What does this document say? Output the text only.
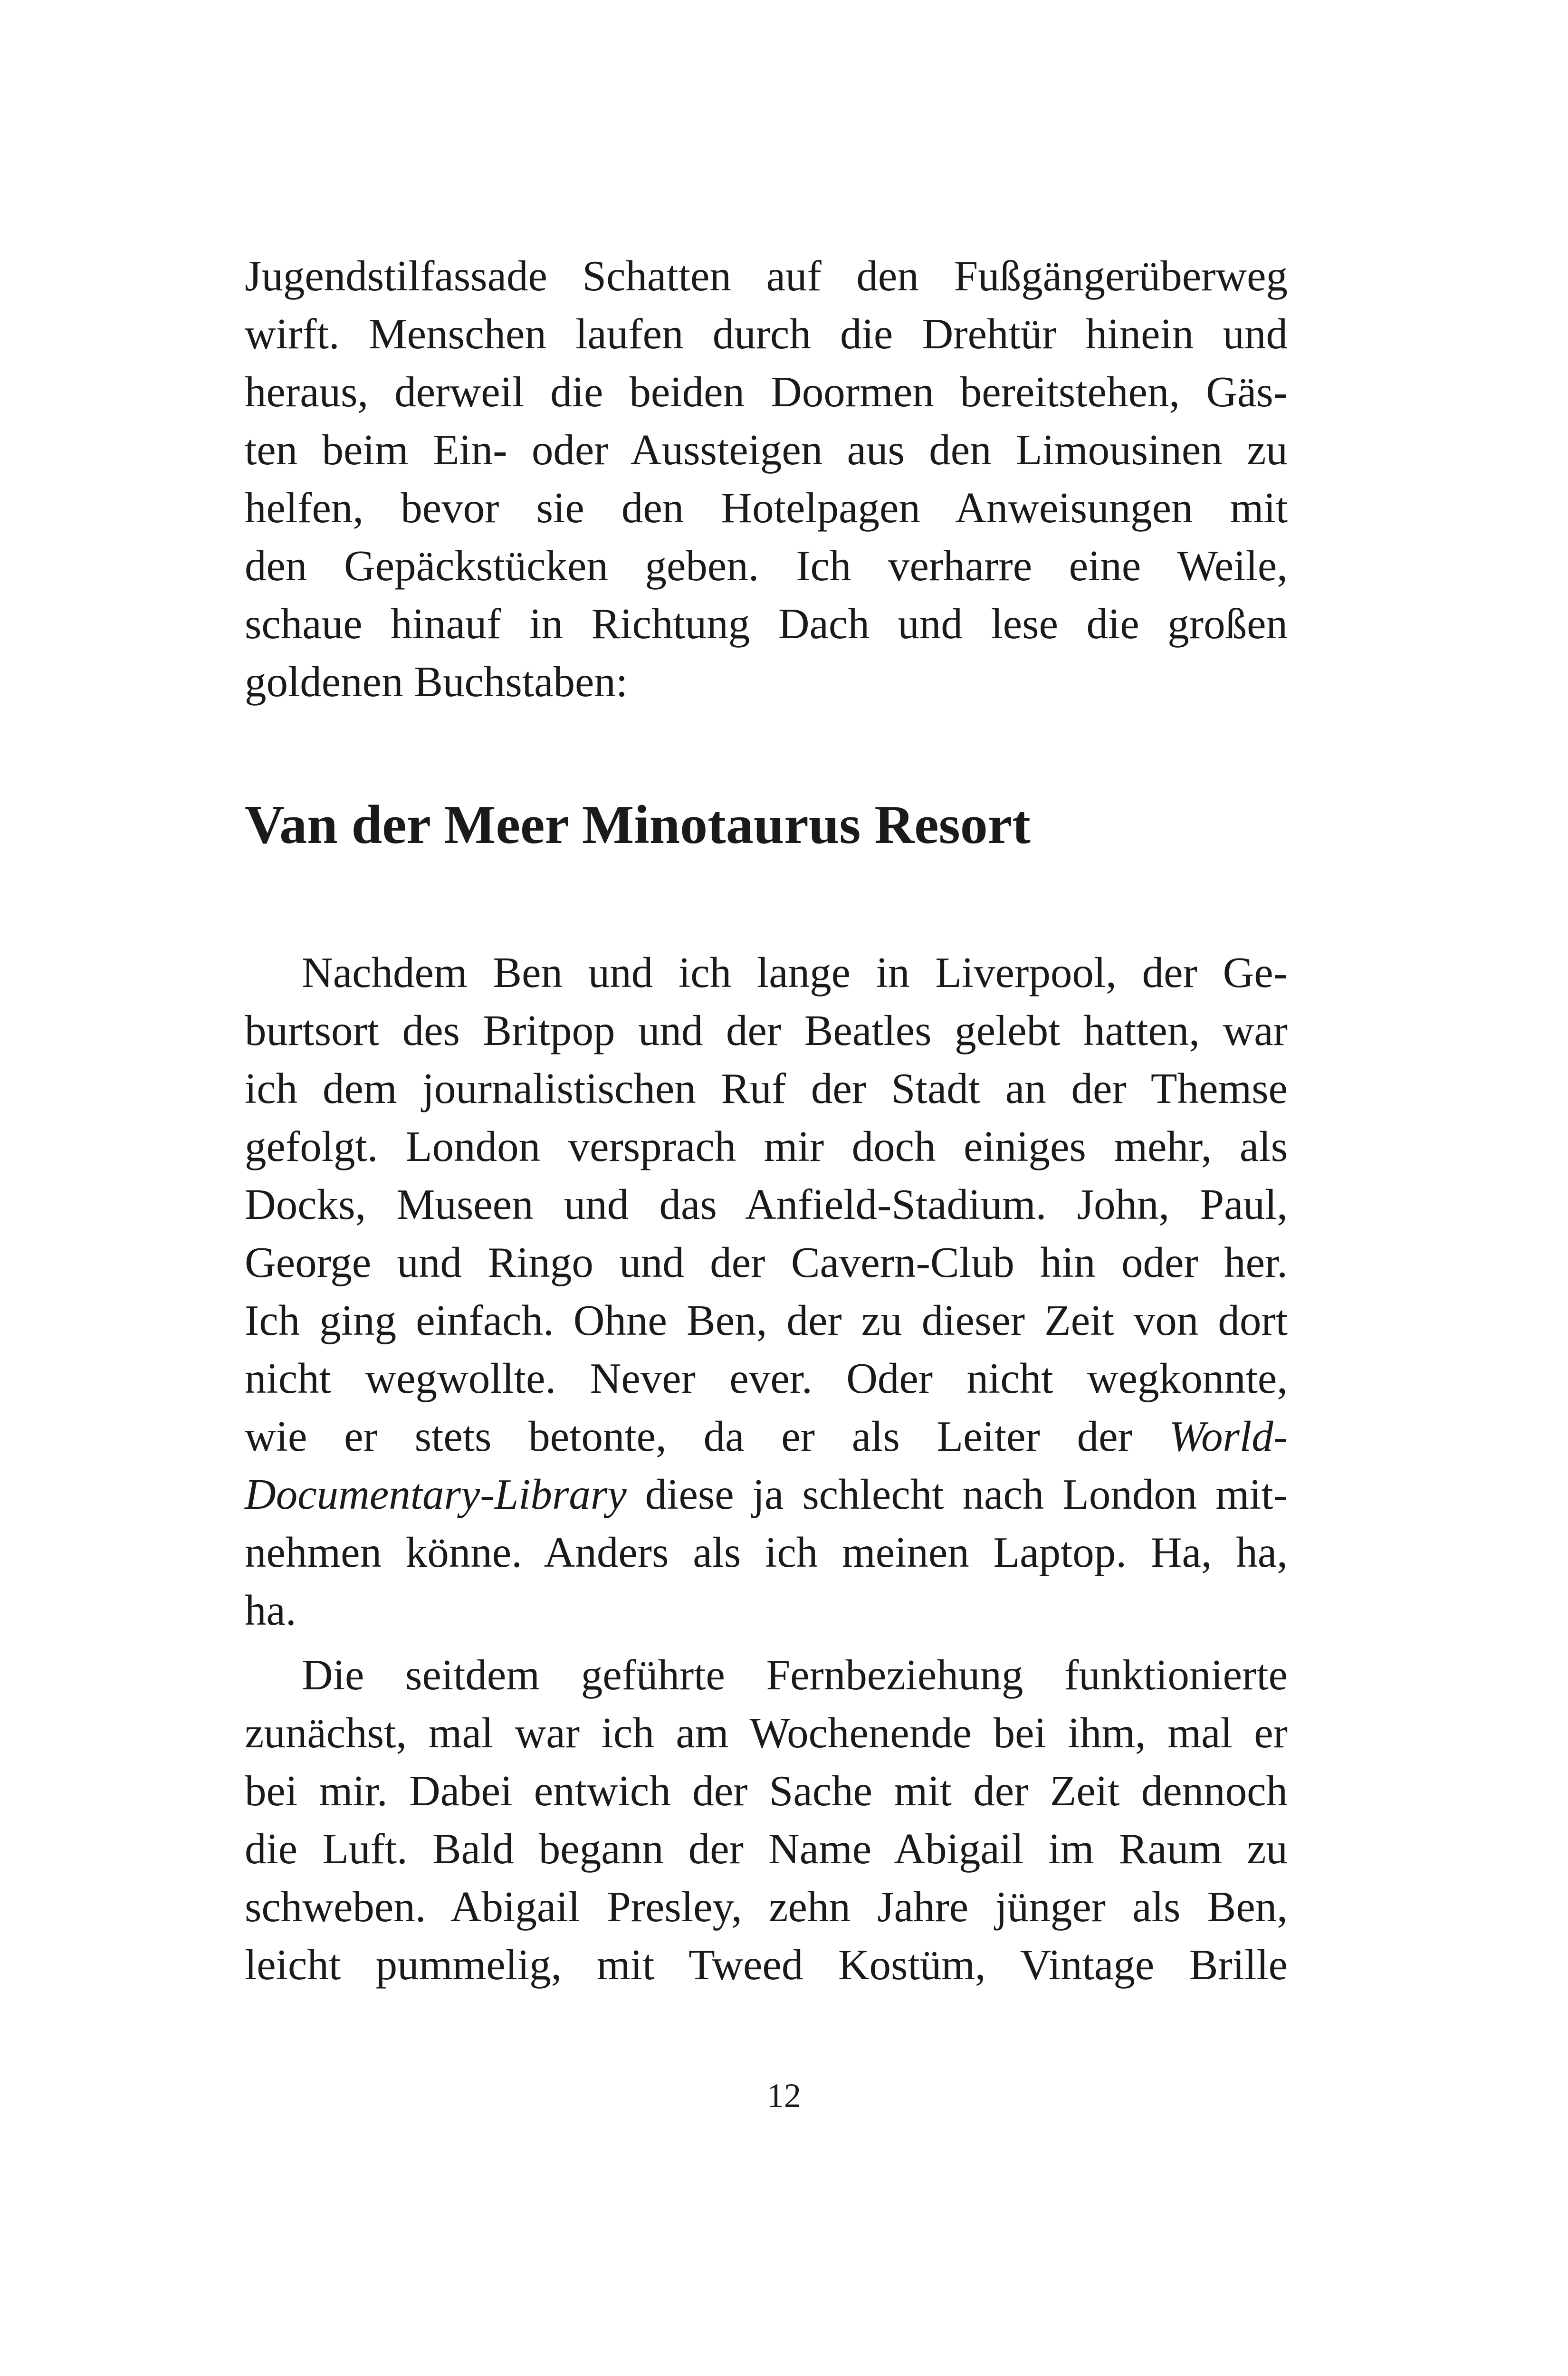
Jugendstilfassade Schatten auf den Fußgängerüberweg
wirft. Menschen laufen durch die Drehtür hinein und
heraus, derweil die beiden Doormen bereitstehen, Gäs-
ten beim Ein- oder Aussteigen aus den Limousinen zu
helfen, bevor sie den Hotelpagen Anweisungen mit
den Gepäckstücken geben. Ich verharre eine Weile,
schaue hinauf in Richtung Dach und lese die großen
goldenen Buchstaben:
Van der Meer Minotaurus Resort
Nachdem Ben und ich lange in Liverpool, der Ge-
burtsort des Britpop und der Beatles gelebt hatten, war
ich dem journalistischen Ruf der Stadt an der Themse
gefolgt. London versprach mir doch einiges mehr, als
Docks, Museen und das Anfield-Stadium. John, Paul,
George und Ringo und der Cavern-Club hin oder her.
Ich ging einfach. Ohne Ben, der zu dieser Zeit von dort
nicht wegwollte. Never ever. Oder nicht wegkonnte,
wie er stets betonte, da er als Leiter der World-
Documentary-Library diese ja schlecht nach London mit-
nehmen könne. Anders als ich meinen Laptop. Ha, ha,
ha.
Die seitdem geführte Fernbeziehung funktionierte
zunächst, mal war ich am Wochenende bei ihm, mal er
bei mir. Dabei entwich der Sache mit der Zeit dennoch
die Luft. Bald begann der Name Abigail im Raum zu
schweben. Abigail Presley, zehn Jahre jünger als Ben,
leicht pummelig, mit Tweed Kostüm, Vintage Brille
12
